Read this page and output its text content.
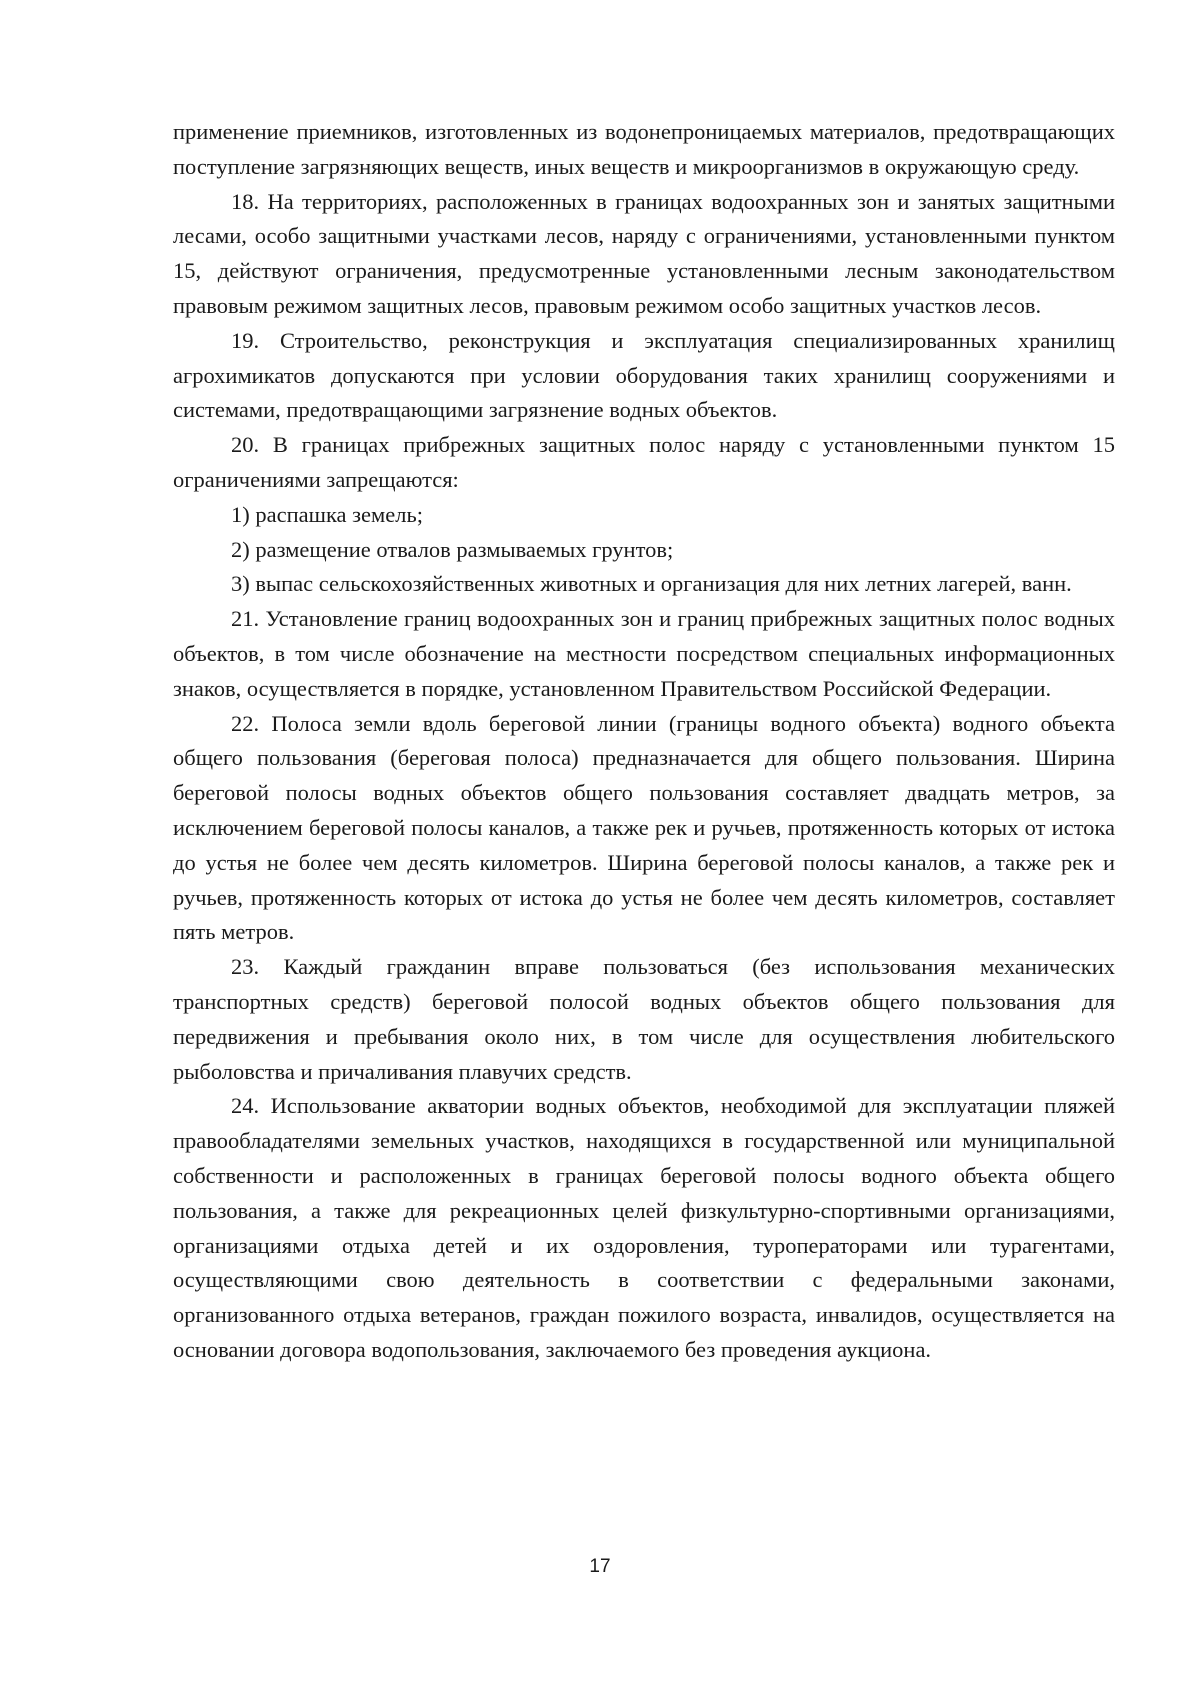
применение приемников, изготовленных из водонепроницаемых материалов, предотвращающих поступление загрязняющих веществ, иных веществ и микроорганизмов в окружающую среду.

18. На территориях, расположенных в границах водоохранных зон и занятых защитными лесами, особо защитными участками лесов, наряду с ограничениями, установленными пунктом 15, действуют ограничения, предусмотренные установленными лесным законодательством правовым режимом защитных лесов, правовым режимом особо защитных участков лесов.

19. Строительство, реконструкция и эксплуатация специализированных хранилищ агрохимикатов допускаются при условии оборудования таких хранилищ сооружениями и системами, предотвращающими загрязнение водных объектов.

20. В границах прибрежных защитных полос наряду с установленными пунктом 15 ограничениями запрещаются:

1) распашка земель;

2) размещение отвалов размываемых грунтов;

3) выпас сельскохозяйственных животных и организация для них летних лагерей, ванн.

21. Установление границ водоохранных зон и границ прибрежных защитных полос водных объектов, в том числе обозначение на местности посредством специальных информационных знаков, осуществляется в порядке, установленном Правительством Российской Федерации.

22. Полоса земли вдоль береговой линии (границы водного объекта) водного объекта общего пользования (береговая полоса) предназначается для общего пользования. Ширина береговой полосы водных объектов общего пользования составляет двадцать метров, за исключением береговой полосы каналов, а также рек и ручьев, протяженность которых от истока до устья не более чем десять километров. Ширина береговой полосы каналов, а также рек и ручьев, протяженность которых от истока до устья не более чем десять километров, составляет пять метров.

23. Каждый гражданин вправе пользоваться (без использования механических транспортных средств) береговой полосой водных объектов общего пользования для передвижения и пребывания около них, в том числе для осуществления любительского рыболовства и причаливания плавучих средств.

24. Использование акватории водных объектов, необходимой для эксплуатации пляжей правообладателями земельных участков, находящихся в государственной или муниципальной собственности и расположенных в границах береговой полосы водного объекта общего пользования, а также для рекреационных целей физкультурно-спортивными организациями, организациями отдыха детей и их оздоровления, туроператорами или турагентами, осуществляющими свою деятельность в соответствии с федеральными законами, организованного отдыха ветеранов, граждан пожилого возраста, инвалидов, осуществляется на основании договора водопользования, заключаемого без проведения аукциона.

17
